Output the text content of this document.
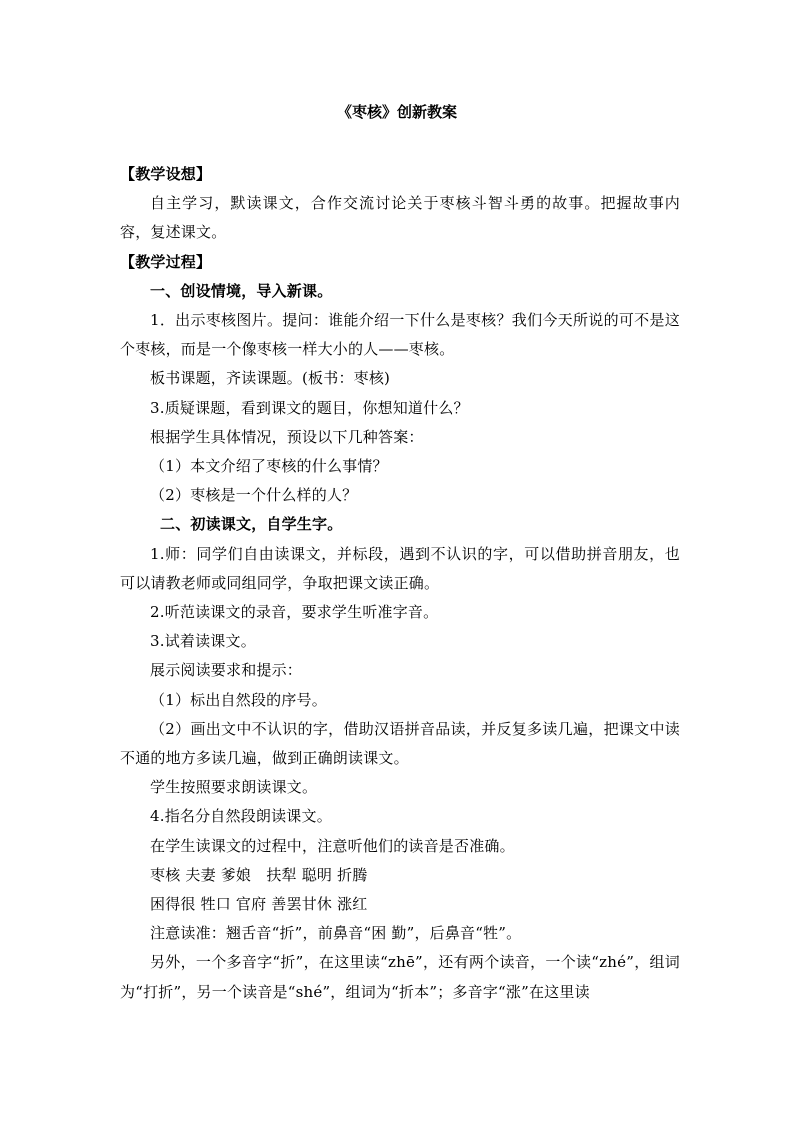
《枣核》创新教案

【教学设想】

自主学习，默读课文，合作交流讨论关于枣核斗智斗勇的故事。把握故事内容，复述课文。

【教学过程】

一、创设情境，导入新课。

1．出示枣核图片。提问：谁能介绍一下什么是枣核？我们今天所说的可不是这个枣核，而是一个像枣核一样大小的人——枣核。

板书课题，齐读课题。(板书：枣核)

3.质疑课题，看到课文的题目，你想知道什么？

根据学生具体情况，预设以下几种答案：

（1）本文介绍了枣核的什么事情？

（2）枣核是一个什么样的人？

二、初读课文，自学生字。

1.师：同学们自由读课文，并标段，遇到不认识的字，可以借助拼音朋友，也可以请教老师或同组同学，争取把课文读正确。

2.听范读课文的录音，要求学生听准字音。

3.试着读课文。

展示阅读要求和提示：

（1）标出自然段的序号。

（2）画出文中不认识的字，借助汉语拼音品读，并反复多读几遍，把课文中读不通的地方多读几遍，做到正确朗读课文。

学生按照要求朗读课文。

4.指名分自然段朗读课文。

在学生读课文的过程中，注意听他们的读音是否准确。

枣核 夫妻 爹娘　扶犁 聪明 折腾

困得很 牲口 官府 善罢甘休 涨红

注意读准：翘舌音“折”，前鼻音“困 勤”，后鼻音“牲”。

另外，一个多音字“折”，在这里读“zhē”，还有两个读音，一个读“zhé”，组词为“打折”，另一个读音是“shé”，组词为“折本”；多音字“涨”在这里读
